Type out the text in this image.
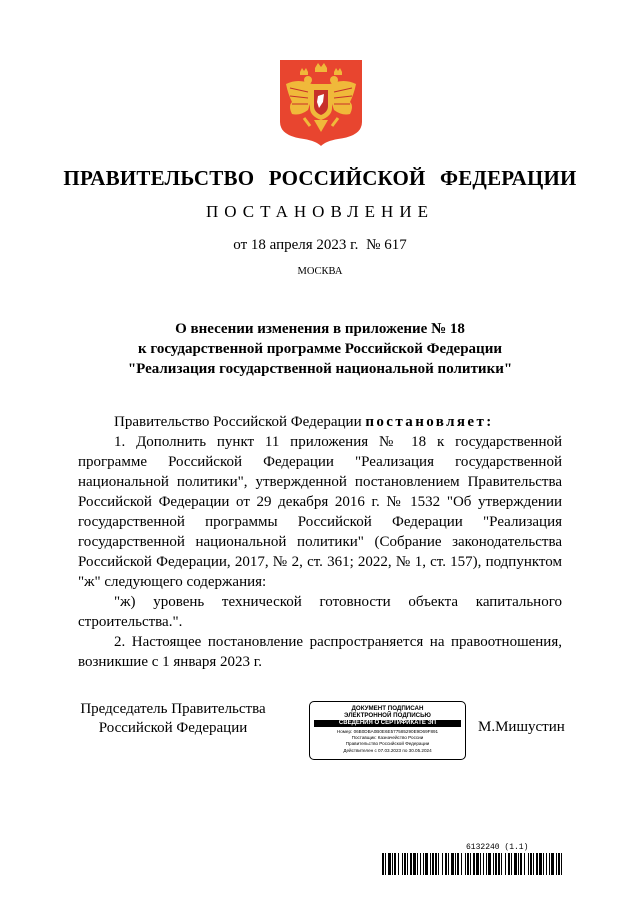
ПРАВИТЕЛЬСТВО РОССИЙСКОЙ ФЕДЕРАЦИИ
ПОСТАНОВЛЕНИЕ
от 18 апреля 2023 г. № 617
МОСКВА
О внесении изменения в приложение № 18
к государственной программе Российской Федерации
"Реализация государственной национальной политики"

Правительство Российской Федерации постановляет:

1. Дополнить пункт 11 приложения № 18 к государственной программе Российской Федерации "Реализация государственной национальной политики", утвержденной постановлением Правительства Российской Федерации от 29 декабря 2016 г. № 1532 "Об утверждении государственной программы Российской Федерации "Реализация государственной национальной политики" (Собрание законодательства Российской Федерации, 2017, № 2, ст. 361; 2022, № 1, ст. 157), подпунктом "ж" следующего содержания:

"ж) уровень технической готовности объекта капитального строительства.".

2. Настоящее постановление распространяется на правоотношения, возникшие с 1 января 2023 г.

Председатель Правительства
Российской Федерации
ДОКУМЕНТ ПОДПИСАН
ЭЛЕКТРОННОЙ ПОДПИСЬЮ
СВЕДЕНИЯ О СЕРТИФИКАТЕ ЭП
Номер: 06B0DBA0B0E6E577585290E9D69F891
Поставщик: Казначейство России
Правительство Российской Федерации
Действителен с 07.03.2023 по 30.05.2024
М.Мишустин
6132240 (1.1)
